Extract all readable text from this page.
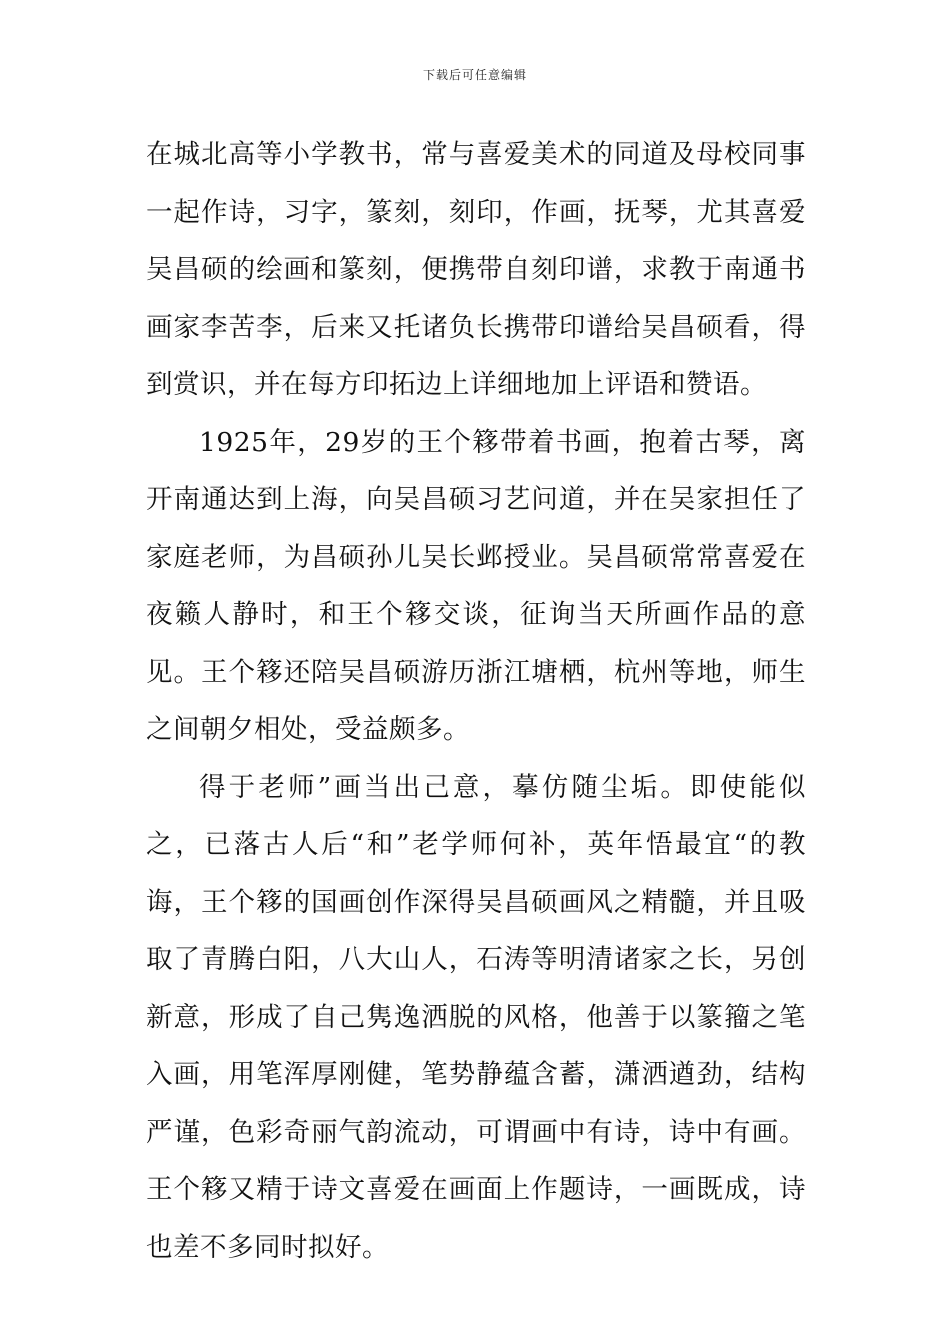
下载后可任意编辑

在城北高等小学教书，常与喜爱美术的同道及母校同事一起作诗，习字，篆刻，刻印，作画，抚琴，尤其喜爱吴昌硕的绘画和篆刻，便携带自刻印谱，求教于南通书画家李苦李，后来又托诸负长携带印谱给吴昌硕看，得到赏识，并在每方印拓边上详细地加上评语和赞语。

1925年，29岁的王个簃带着书画，抱着古琴，离开南通达到上海，向吴昌硕习艺问道，并在吴家担任了家庭老师，为昌硕孙儿吴长邺授业。吴昌硕常常喜爱在夜籁人静时，和王个簃交谈，征询当天所画作品的意见。王个簃还陪吴昌硕游历浙江塘栖，杭州等地，师生之间朝夕相处，受益颇多。

得于老师”画当出己意，摹仿随尘垢。即使能似之，已落古人后“和”老学师何补，英年悟最宜“的教诲，王个簃的国画创作深得吴昌硕画风之精髓，并且吸取了青腾白阳，八大山人，石涛等明清诸家之长，另创新意，形成了自己隽逸洒脱的风格，他善于以篆籀之笔入画，用笔浑厚刚健，笔势静蕴含蓄，潇洒遒劲，结构严谨，色彩奇丽气韵流动，可谓画中有诗，诗中有画。王个簃又精于诗文喜爱在画面上作题诗，一画既成，诗也差不多同时拟好。
